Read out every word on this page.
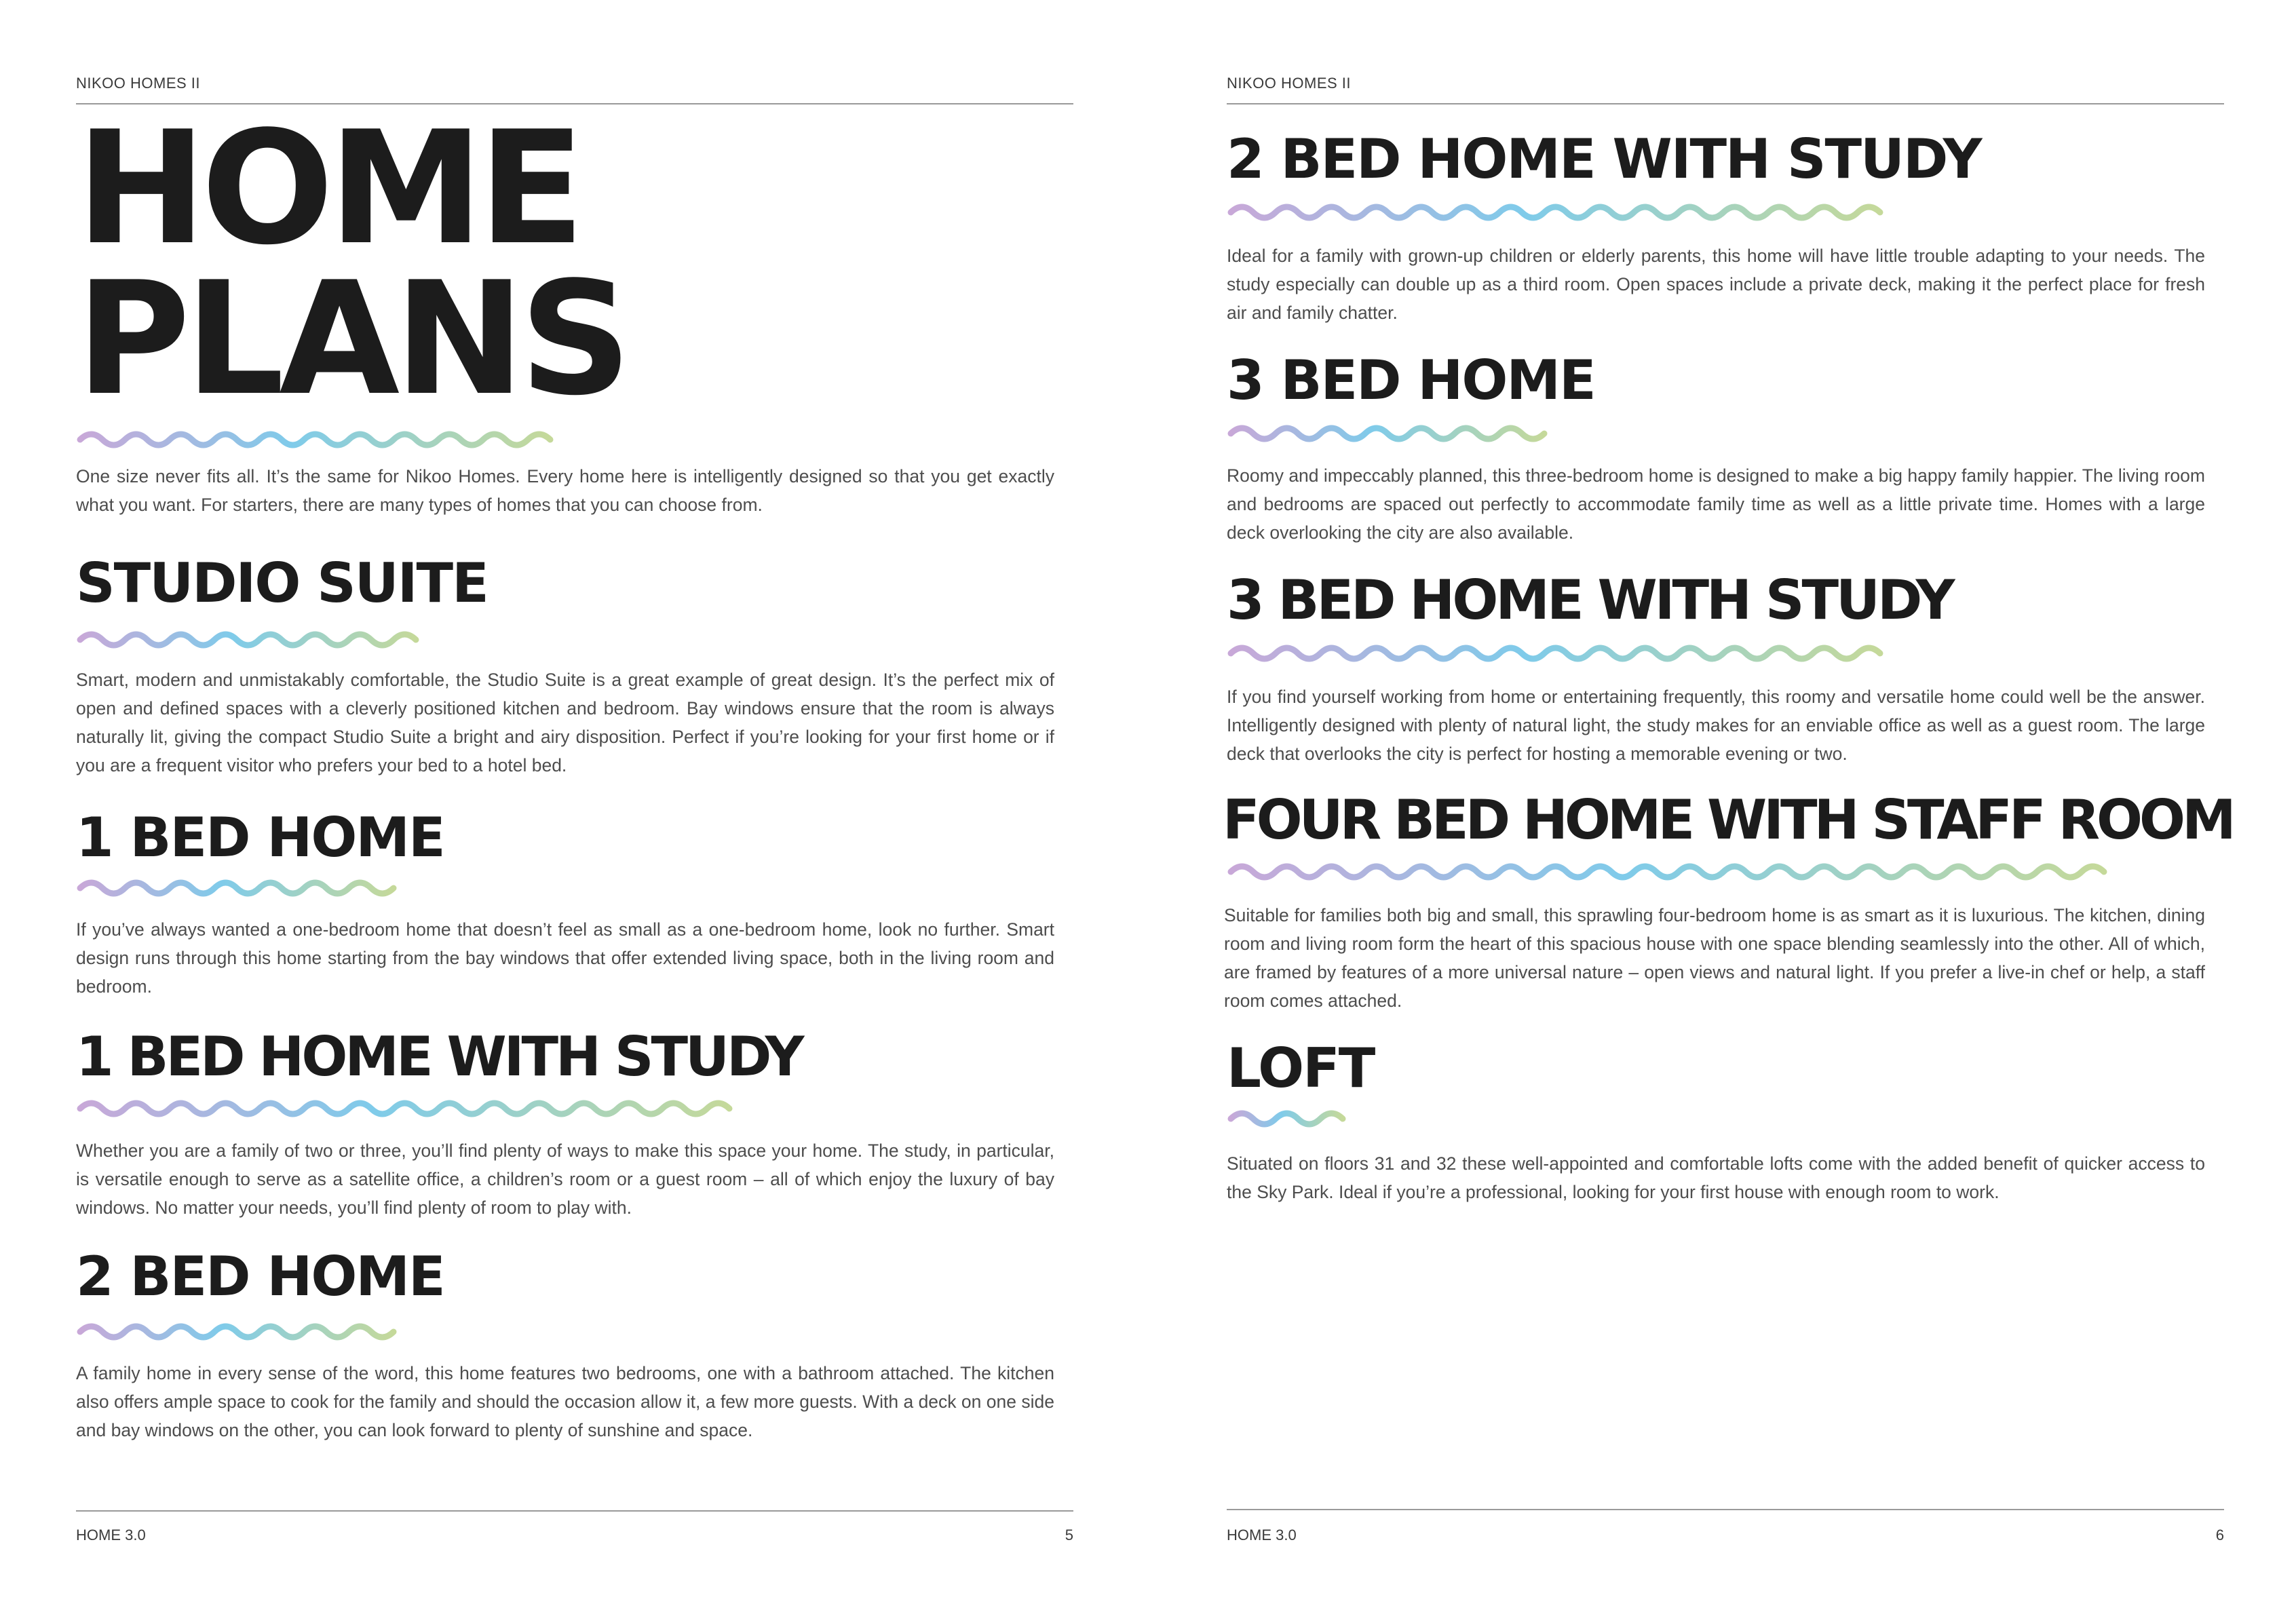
NIKOO HOMES II
HOME
PLANS

One size never fits all. It’s the same for Nikoo Homes. Every home here is intelligently designed so that you get exactly what you want. For starters, there are many types of homes that you can choose from.

STUDIO SUITE

Smart, modern and unmistakably comfortable, the Studio Suite is a great example of great design. It’s the perfect mix of open and defined spaces with a cleverly positioned kitchen and bedroom. Bay windows ensure that the room is always naturally lit, giving the compact Studio Suite a bright and airy disposition. Perfect if you’re looking for your first home or if you are a frequent visitor who prefers your bed to a hotel bed.

1 BED HOME

If you’ve always wanted a one-bedroom home that doesn’t feel as small as a one-bedroom home, look no further. Smart design runs through this home starting from the bay windows that offer extended living space, both in the living room and bedroom.

1 BED HOME WITH STUDY

Whether you are a family of two or three, you’ll find plenty of ways to make this space your home. The study, in particular, is versatile enough to serve as a satellite office, a children’s room or a guest room – all of which enjoy the luxury of bay windows. No matter your needs, you’ll find plenty of room to play with.

2 BED HOME

A family home in every sense of the word, this home features two bedrooms, one with a bathroom attached. The kitchen also offers ample space to cook for the family and should the occasion allow it, a few more guests. With a deck on one side and bay windows on the other, you can look forward to plenty of sunshine and space.

HOME 3.0	5
NIKOO HOMES II
2 BED HOME WITH STUDY

Ideal for a family with grown-up children or elderly parents, this home will have little trouble adapting to your needs. The study especially can double up as a third room. Open spaces include a private deck, making it the perfect place for fresh air and family chatter.

3 BED HOME

Roomy and impeccably planned, this three-bedroom home is designed to make a big happy family happier. The living room and bedrooms are spaced out perfectly to accommodate family time as well as a little private time. Homes with a large deck overlooking the city are also available.

3 BED HOME WITH STUDY

If you find yourself working from home or entertaining frequently, this roomy and versatile home could well be the answer. Intelligently designed with plenty of natural light, the study makes for an enviable office as well as a guest room. The large deck that overlooks the city is perfect for hosting a memorable evening or two.

FOUR BED HOME WITH STAFF ROOM

Suitable for families both big and small, this sprawling four-bedroom home is as smart as it is luxurious. The kitchen, dining room and living room form the heart of this spacious house with one space blending seamlessly into the other. All of which, are framed by features of a more universal nature – open views and natural light. If you prefer a live-in chef or help, a staff room comes attached.

LOFT

Situated on floors 31 and 32 these well-appointed and comfortable lofts come with the added benefit of quicker access to the Sky Park. Ideal if you’re a professional, looking for your first house with enough room to work.

HOME 3.0	6
